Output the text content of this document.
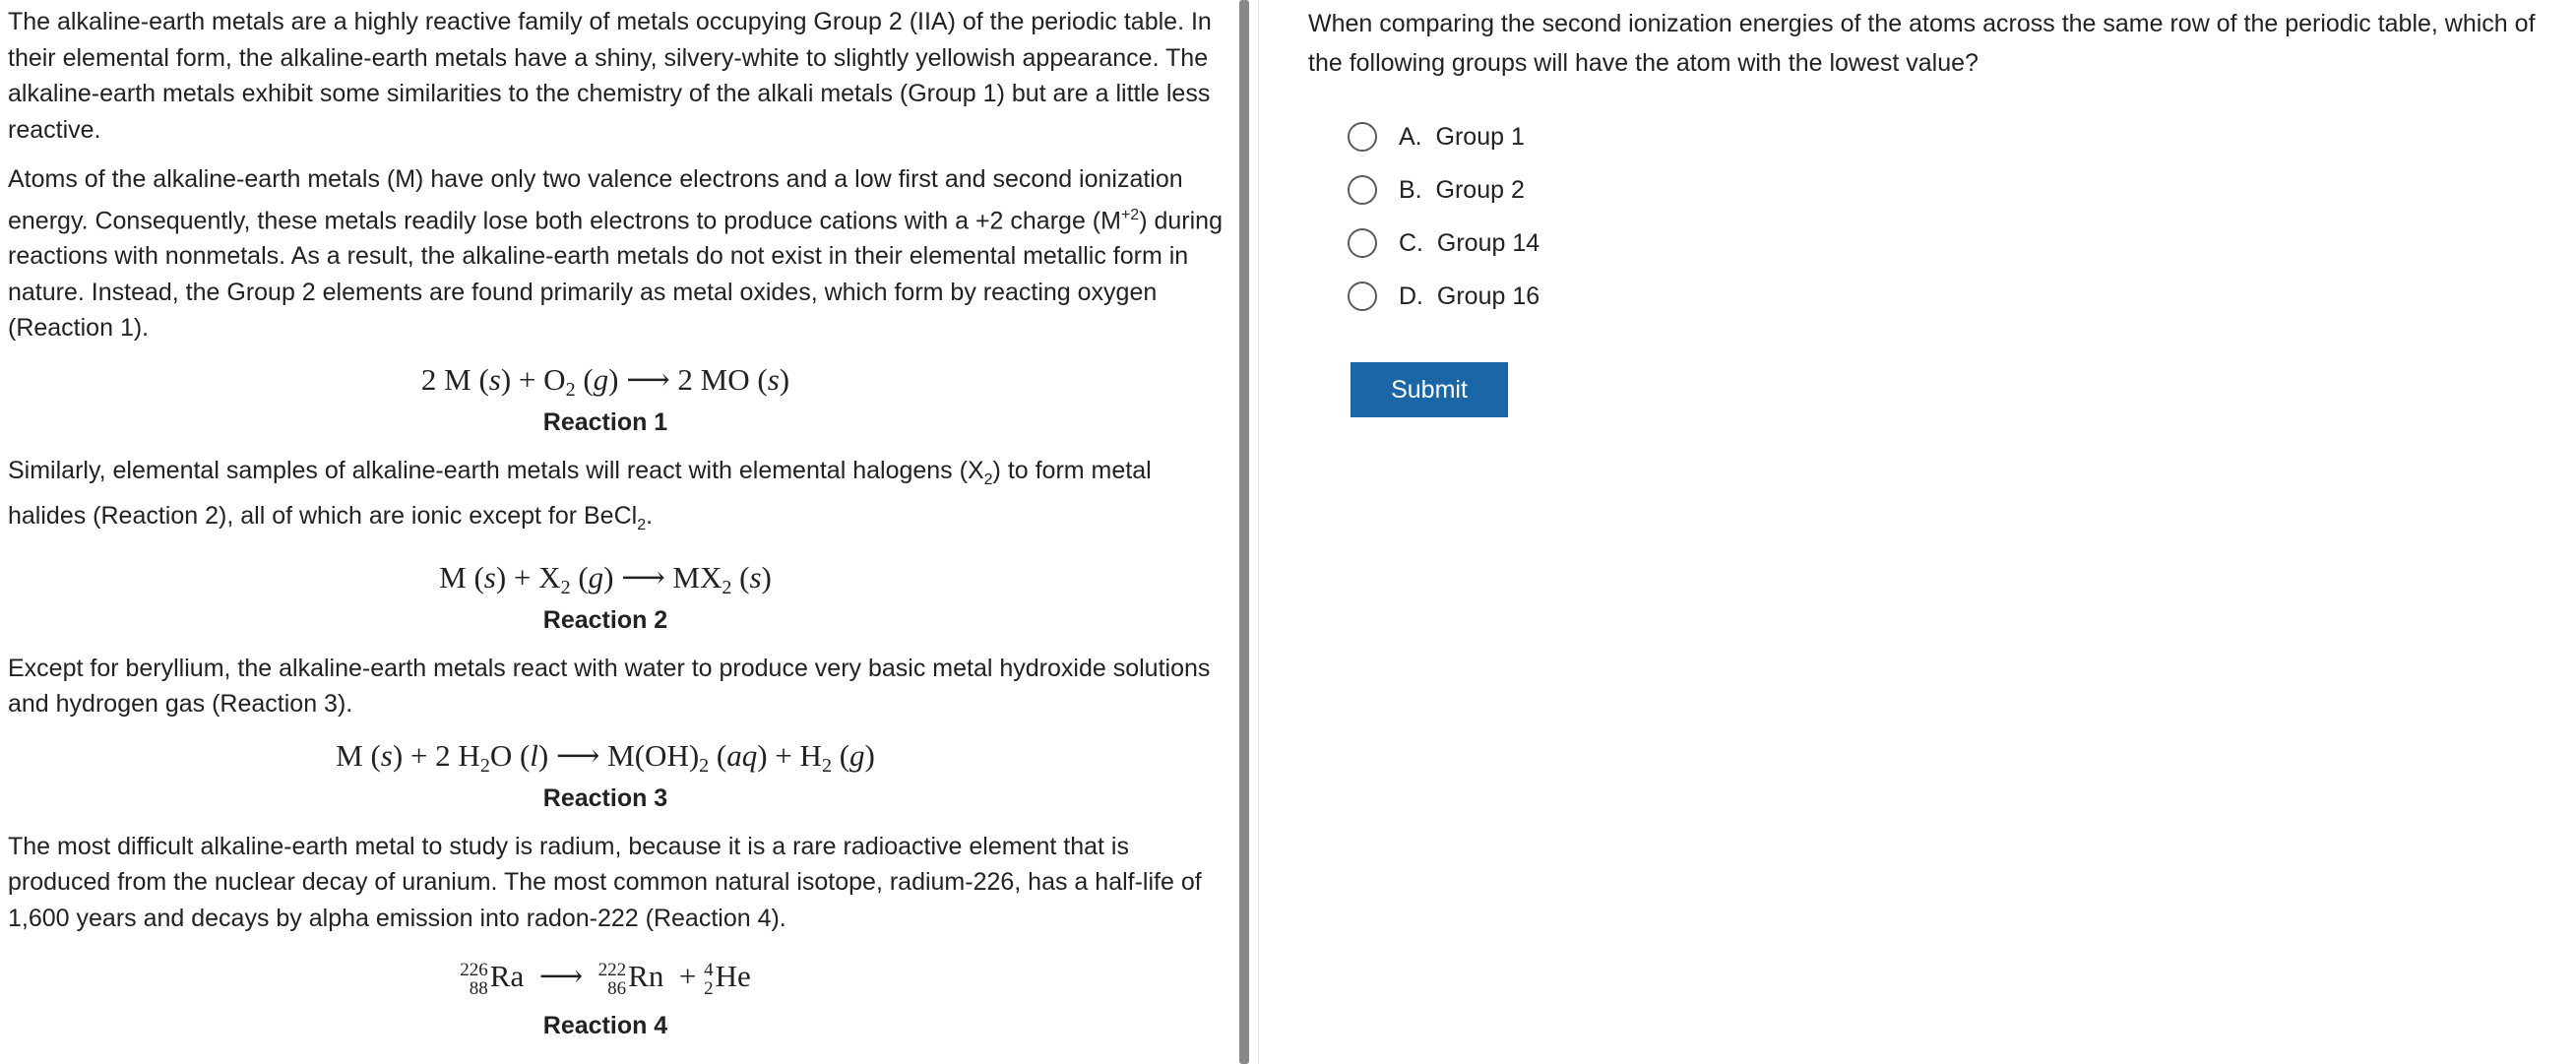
The alkaline-earth metals are a highly reactive family of metals occupying Group 2 (IIA) of the periodic table. In their elemental form, the alkaline-earth metals have a shiny, silvery-white to slightly yellowish appearance. The alkaline-earth metals exhibit some similarities to the chemistry of the alkali metals (Group 1) but are a little less reactive.

Atoms of the alkaline-earth metals (M) have only two valence electrons and a low first and second ionization energy. Consequently, these metals readily lose both electrons to produce cations with a +2 charge $(M^{+2})$ during reactions with nonmetals. As a result, the alkaline-earth metals do not exist in their elemental metallic form in nature. Instead, the Group 2 elements are found primarily as metal oxides, which form by reacting oxygen (Reaction 1).

2 M $(s) + O_2$ (g) ⟶ 2 MO (s)
Reaction 1

Similarly, elemental samples of alkaline-earth metals will react with elemental halogens $(X_2)$ to form metal halides (Reaction 2), all of which are ionic except for BeCl$_2$.

M $(s) + X_2$ (g) ⟶ $MX_2$ (s)
Reaction 2

Except for beryllium, the alkaline-earth metals react with water to produce very basic metal hydroxide solutions and hydrogen gas (Reaction 3).

M (s) + 2 $H_2O$ (l) ⟶ $M(OH)_2$ $(aq) + H_2$ (g)
Reaction 3

The most difficult alkaline-earth metal to study is radium, because it is a rare radioactive element that is produced from the nuclear decay of uranium. The most common natural isotope, radium-226, has a half-life of 1,600 years and decays by alpha emission into radon-222 (Reaction 4).

226
88 Ra  ⟶ 222
86 Rn  + 4
2 He
Reaction 4
When comparing the second ionization energies of the atoms across the same row of the periodic table, which of the following groups will have the atom with the lowest value?
A. Group 1
B. Group 2
C. Group 14
D. Group 16
Submit
